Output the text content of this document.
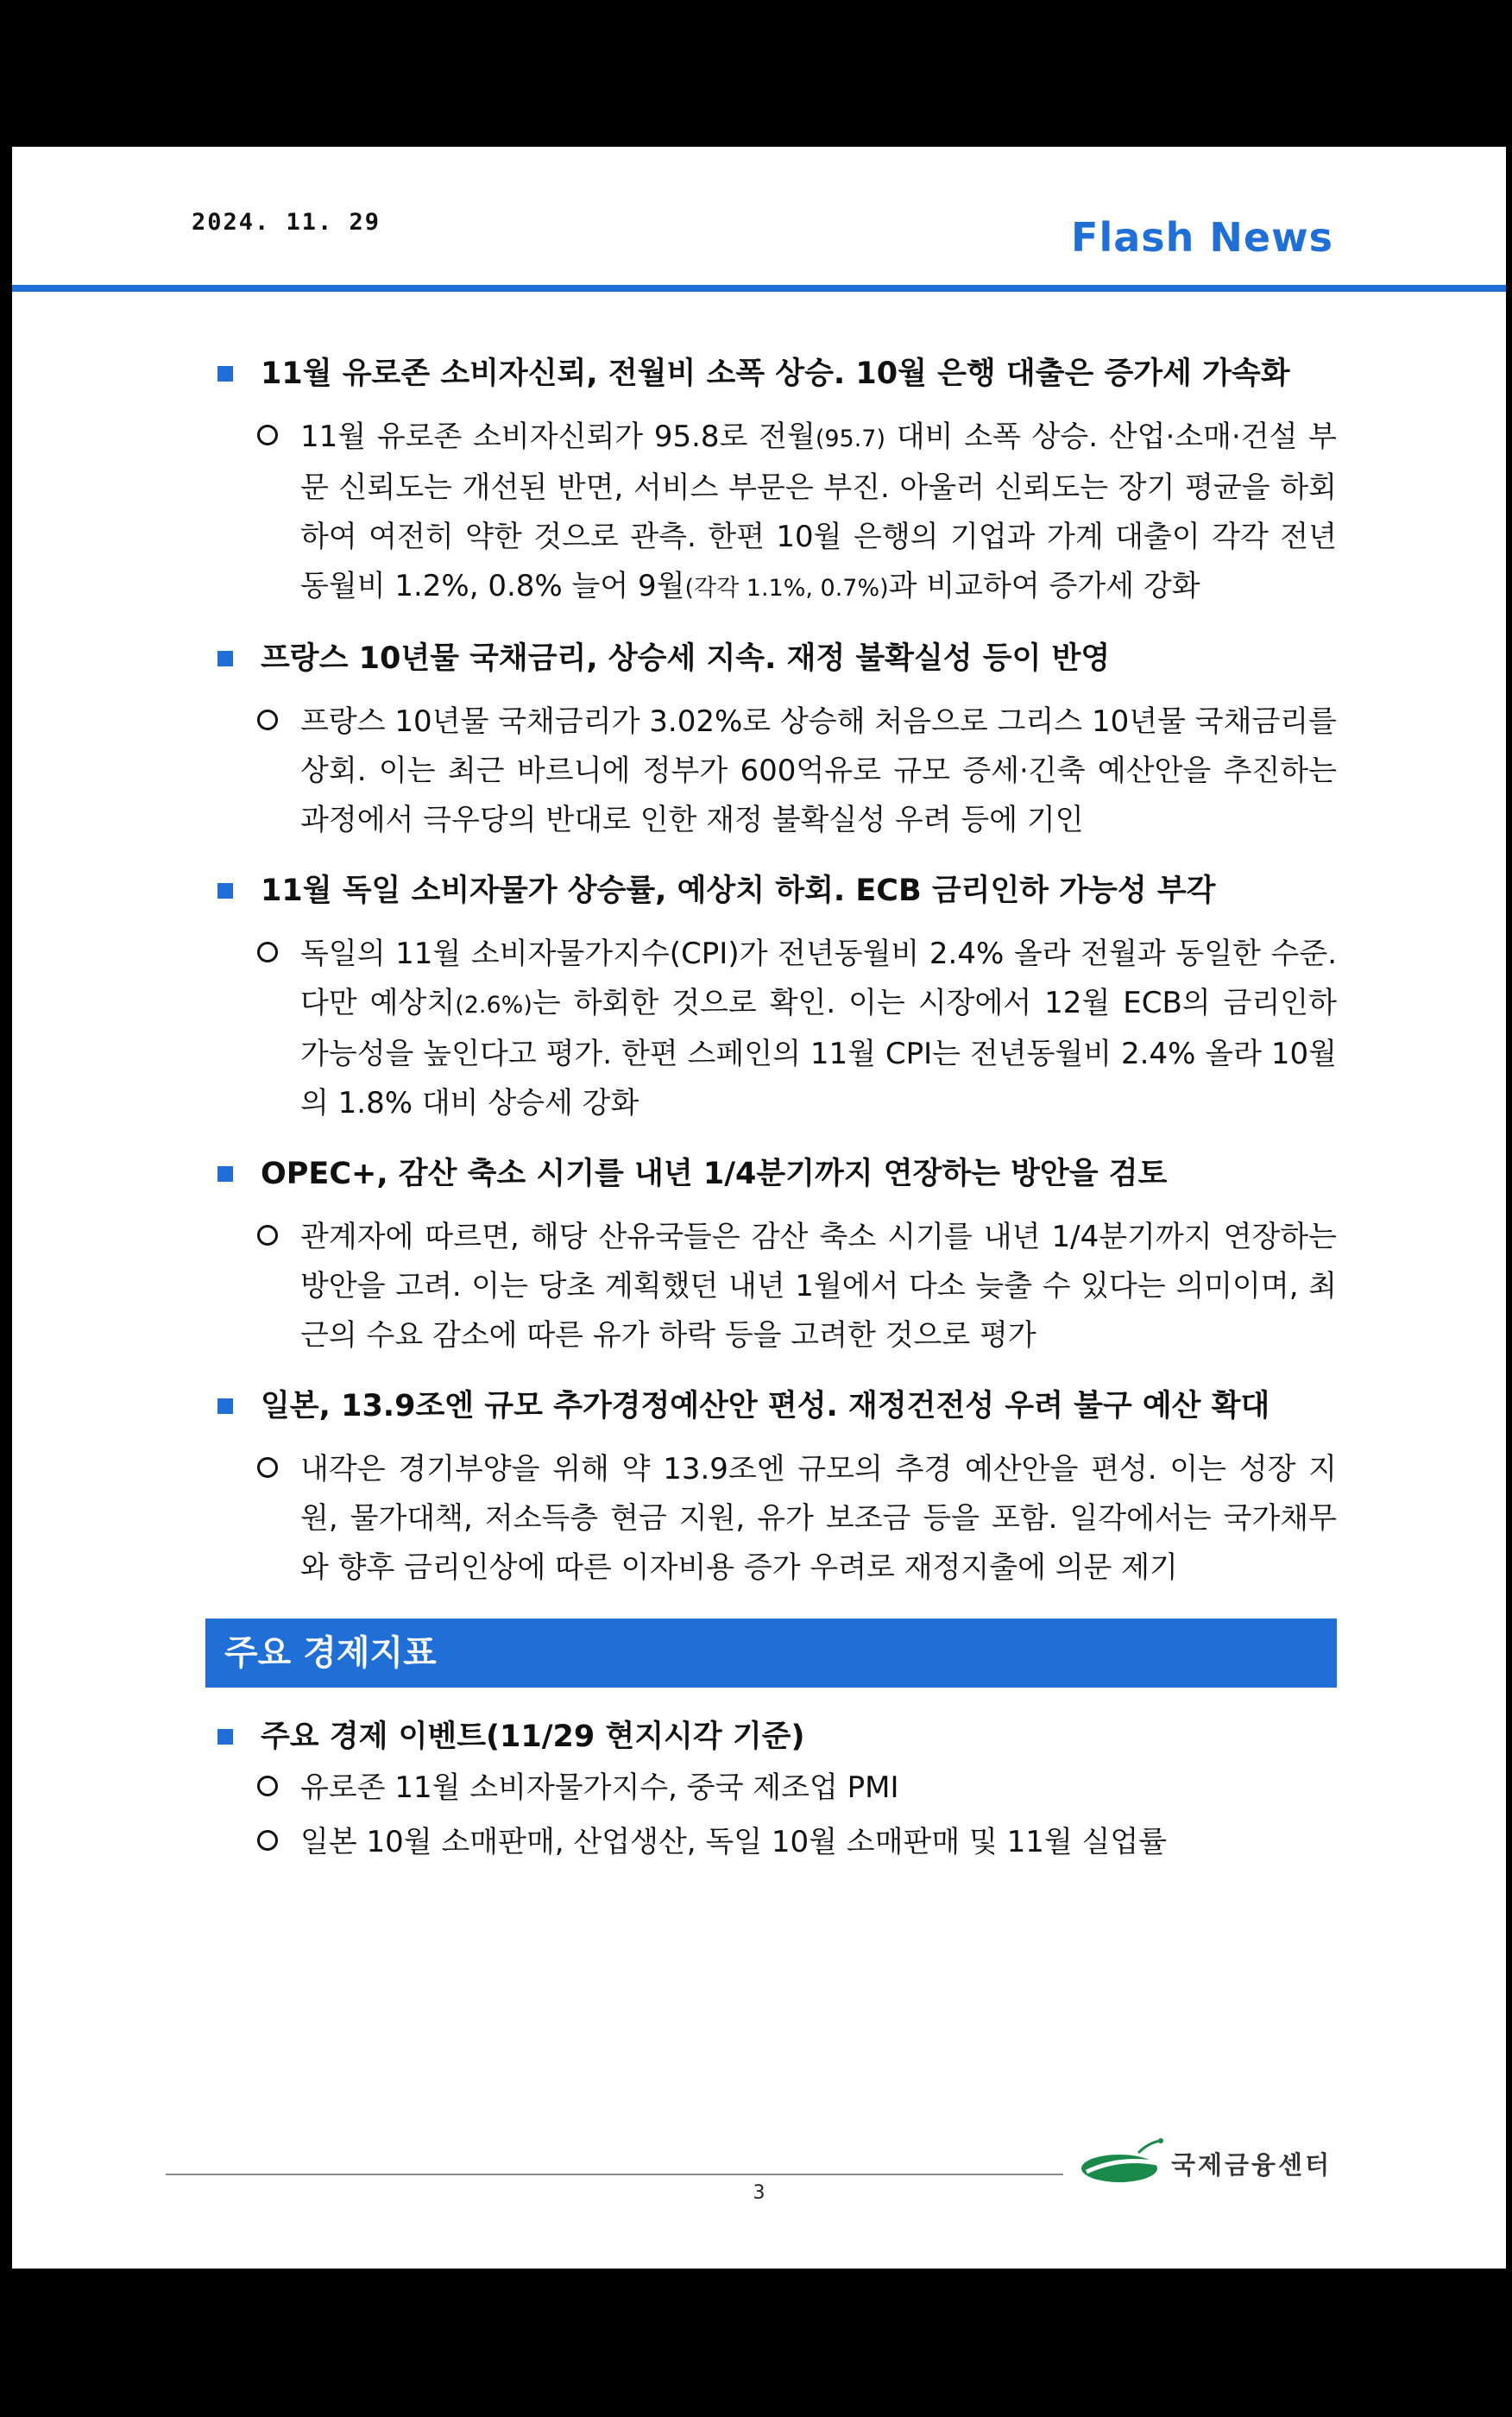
2024. 11. 29	Flash News
11월 유로존 소비자신뢰, 전월비 소폭 상승. 10월 은행 대출은 증가세 가속화
11월 유로존 소비자신뢰가 95.8로 전월(95.7) 대비 소폭 상승. 산업·소매·건설 부문 신뢰도는 개선된 반면, 서비스 부문은 부진. 아울러 신뢰도는 장기 평균을 하회하여 여전히 약한 것으로 관측. 한편 10월 은행의 기업과 가계 대출이 각각 전년동월비 1.2%, 0.8% 늘어 9월(각각 1.1%, 0.7%)과 비교하여 증가세 강화
프랑스 10년물 국채금리, 상승세 지속. 재정 불확실성 등이 반영
프랑스 10년물 국채금리가 3.02%로 상승해 처음으로 그리스 10년물 국채금리를 상회. 이는 최근 바르니에 정부가 600억유로 규모 증세·긴축 예산안을 추진하는 과정에서 극우당의 반대로 인한 재정 불확실성 우려 등에 기인
11월 독일 소비자물가 상승률, 예상치 하회. ECB 금리인하 가능성 부각
독일의 11월 소비자물가지수(CPI)가 전년동월비 2.4% 올라 전월과 동일한 수준. 다만 예상치(2.6%)는 하회한 것으로 확인. 이는 시장에서 12월 ECB의 금리인하 가능성을 높인다고 평가. 한편 스페인의 11월 CPI는 전년동월비 2.4% 올라 10월의 1.8% 대비 상승세 강화
OPEC+, 감산 축소 시기를 내년 1/4분기까지 연장하는 방안을 검토
관계자에 따르면, 해당 산유국들은 감산 축소 시기를 내년 1/4분기까지 연장하는 방안을 고려. 이는 당초 계획했던 내년 1월에서 다소 늦출 수 있다는 의미이며, 최근의 수요 감소에 따른 유가 하락 등을 고려한 것으로 평가
일본, 13.9조엔 규모 추가경정예산안 편성. 재정건전성 우려 불구 예산 확대
내각은 경기부양을 위해 약 13.9조엔 규모의 추경 예산안을 편성. 이는 성장 지원, 물가대책, 저소득층 현금 지원, 유가 보조금 등을 포함. 일각에서는 국가채무와 향후 금리인상에 따른 이자비용 증가 우려로 재정지출에 의문 제기
주요 경제지표
주요 경제 이벤트(11/29 현지시각 기준)
유로존 11월 소비자물가지수, 중국 제조업 PMI
일본 10월 소매판매, 산업생산, 독일 10월 소매판매 및 11월 실업률
국제금융센터
3
